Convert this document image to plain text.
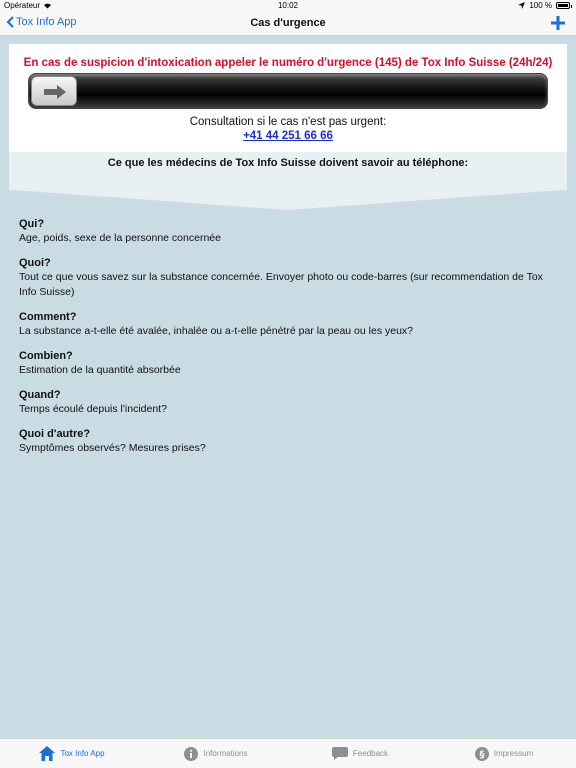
Opérateur	10:02	100 %
Tox Info App	Cas d'urgence
En cas de suspicion d'intoxication appeler le numéro d'urgence (145) de Tox Info Suisse (24h/24)
Consultation si le cas n'est pas urgent:
+41 44 251 66 66
Ce que les médecins de Tox Info Suisse doivent savoir au téléphone:
Qui?
Age, poids, sexe de la personne concernée
Quoi?
Tout ce que vous savez sur la substance concernée. Envoyer photo ou code-barres (sur recommendation de Tox Info Suisse)
Comment?
La substance a-t-elle été avalée, inhalée ou a-t-elle pénétré par la peau ou les yeux?
Combien?
Estimation de la quantité absorbée
Quand?
Temps écoulé depuis l'incident?
Quoi d'autre?
Symptômes observés? Mesures prises?
Tox Info App	Informations	Feedback	§ Impressum
